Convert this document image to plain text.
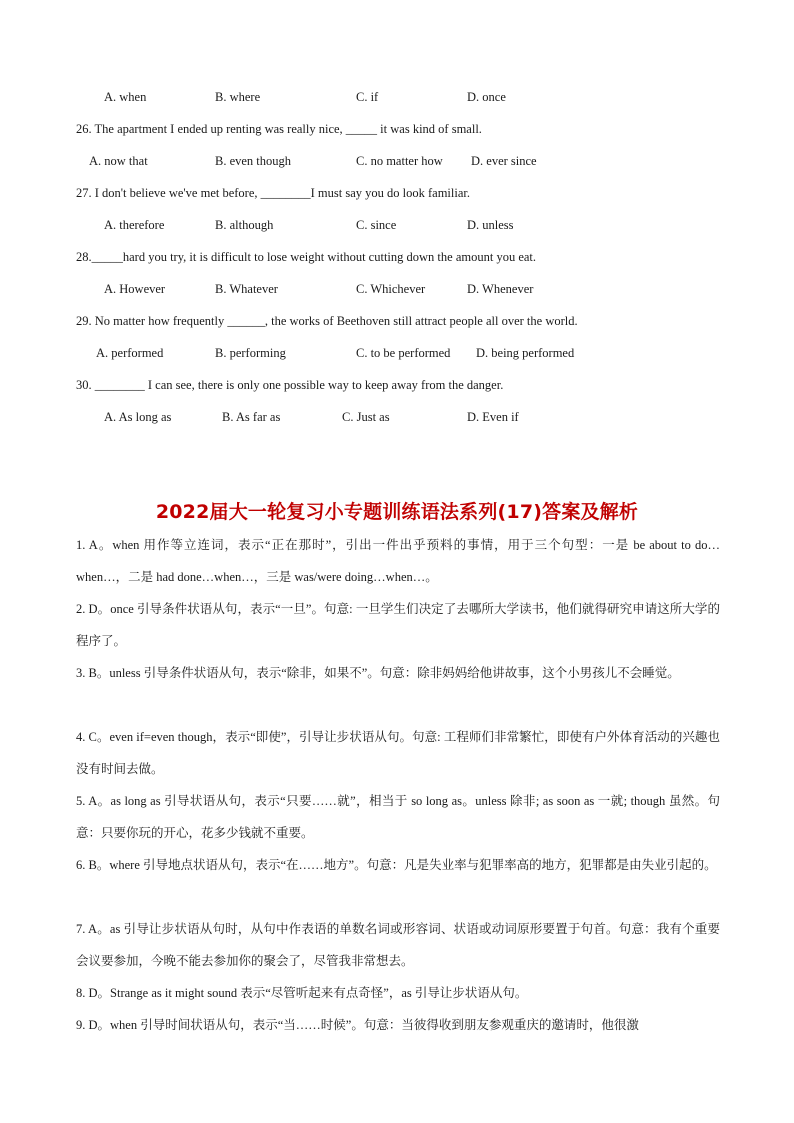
A. when	B. where	C. if	D. once
26. The apartment I ended up renting was really nice, _____ it was kind of small.
A. now that	B. even though	C. no matter how D. ever since
27. I don't believe we've met before, ________I must say you do look familiar.
A. therefore	B. although	C. since	D. unless
28._____hard you try, it is difficult to lose weight without cutting down the amount you eat.
A. However	B. Whatever	C. Whichever	D. Whenever
29. No matter how frequently ______, the works of Beethoven still attract people all over the world.
A. performed	B. performing	C. to be performed D. being performed
30. ________ I can see, there is only one possible way to keep away from the danger.
A. As long as	B. As far as	C. Just as	D. Even if
2022届大一轮复习小专题训练语法系列(17)答案及解析
1. A。when 用作等立连词，表示“正在那时”，引出一件出乎预料的事情，用于三个句型：一是 be about to do…when…，二是 had done…when…，三是 was/were doing…when…。
2. D。once 引导条件状语从句，表示“一旦”。句意: 一旦学生们决定了去哪所大学读书，他们就得研究申请这所大学的程序了。
3. B。unless 引导条件状语从句，表示“除非，如果不”。句意：除非妈妈给他讲故事，这个小男孩儿不会睡觉。
4. C。even if=even though，表示“即使”，引导让步状语从句。句意: 工程师们非常繁忙，即使有户外体育活动的兴趣也没有时间去做。
5. A。as long as 引导状语从句，表示“只要……就”，相当于 so long as。unless 除非; as soon as 一就; though 虽然。句意：只要你玩的开心，花多少钱就不重要。
6. B。where 引导地点状语从句，表示“在……地方”。句意：凡是失业率与犯罪率高的地方，犯罪都是由失业引起的。
7. A。as 引导让步状语从句时，从句中作表语的单数名词或形容词、状语或动词原形要置于句首。句意：我有个重要会议要参加，今晚不能去参加你的聚会了，尽管我非常想去。
8. D。Strange as it might sound 表示“尽管听起来有点奇怪”，as 引导让步状语从句。
9. D。when 引导时间状语从句，表示“当……时候”。句意：当彼得收到朋友参观重庆的邀请时，他很激
